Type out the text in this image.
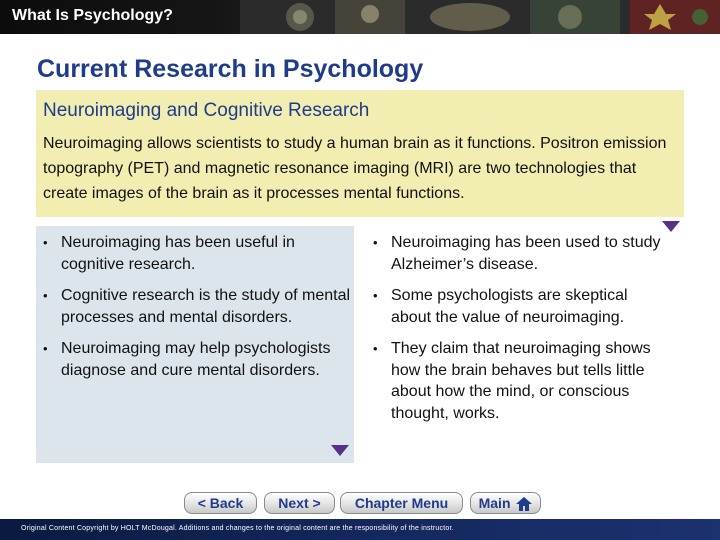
What Is Psychology?
Current Research in Psychology
Neuroimaging and Cognitive Research
Neuroimaging allows scientists to study a human brain as it functions. Positron emission topography (PET) and magnetic resonance imaging (MRI) are two technologies that create images of the brain as it processes mental functions.
• Neuroimaging has been useful in cognitive research.
• Cognitive research is the study of mental processes and mental disorders.
• Neuroimaging may help psychologists diagnose and cure mental disorders.
• Neuroimaging has been used to study Alzheimer’s disease.
• Some psychologists are skeptical about the value of neuroimaging.
• They claim that neuroimaging shows how the brain behaves but tells little about how the mind, or conscious thought, works.
< Back	Next >	Chapter Menu	Main
Original Content Copyright by HOLT McDougal. Additions and changes to the original content are the responsibility of the instructor.
